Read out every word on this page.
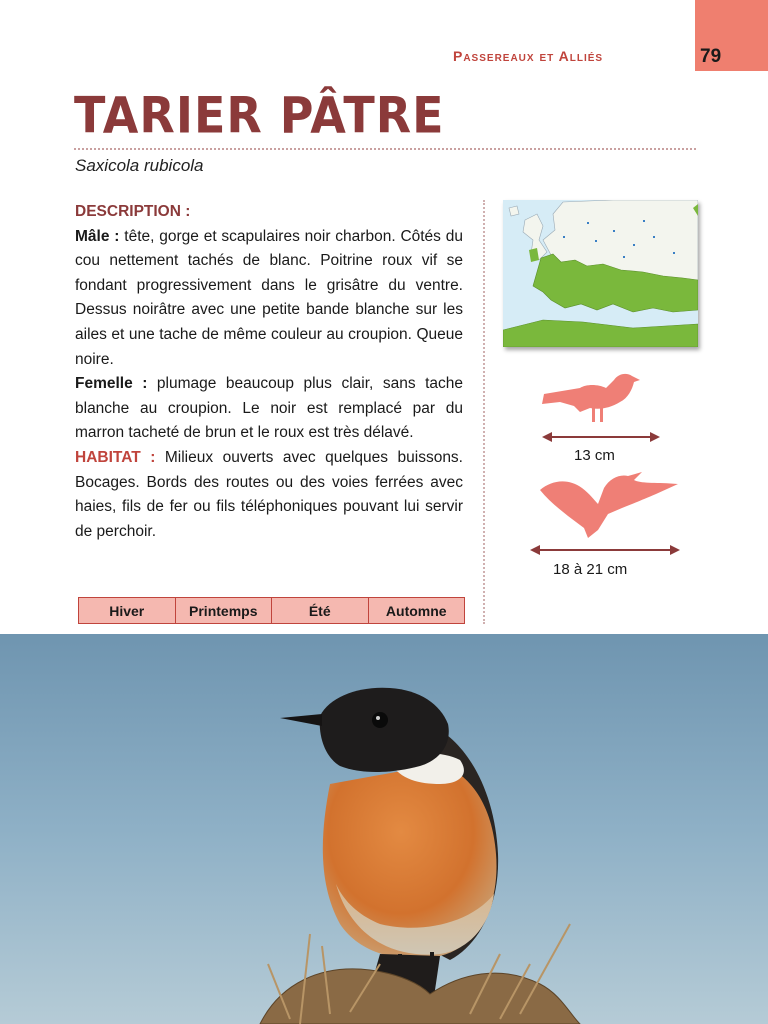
Passereaux et Alliés	79
TARIER PÂTRE
Saxicola rubicola

DESCRIPTION :

Mâle : tête, gorge et scapulaires noir charbon. Côtés du cou nettement tachés de blanc. Poitrine roux vif se fondant progressivement dans le grisâtre du ventre. Dessus noirâtre avec une petite bande blanche sur les ailes et une tache de même couleur au croupion. Queue noire.

Femelle : plumage beaucoup plus clair, sans tache blanche au croupion. Le noir est remplacé par du marron tacheté de brun et le roux est très délavé.

HABITAT : Milieux ouverts avec quelques buissons. Bocages. Bords des routes ou des voies ferrées avec haies, fils de fer ou fils téléphoniques pouvant lui servir de perchoir.

Hiver	Printemps	Été	Automne
13 cm
18 à 21 cm
